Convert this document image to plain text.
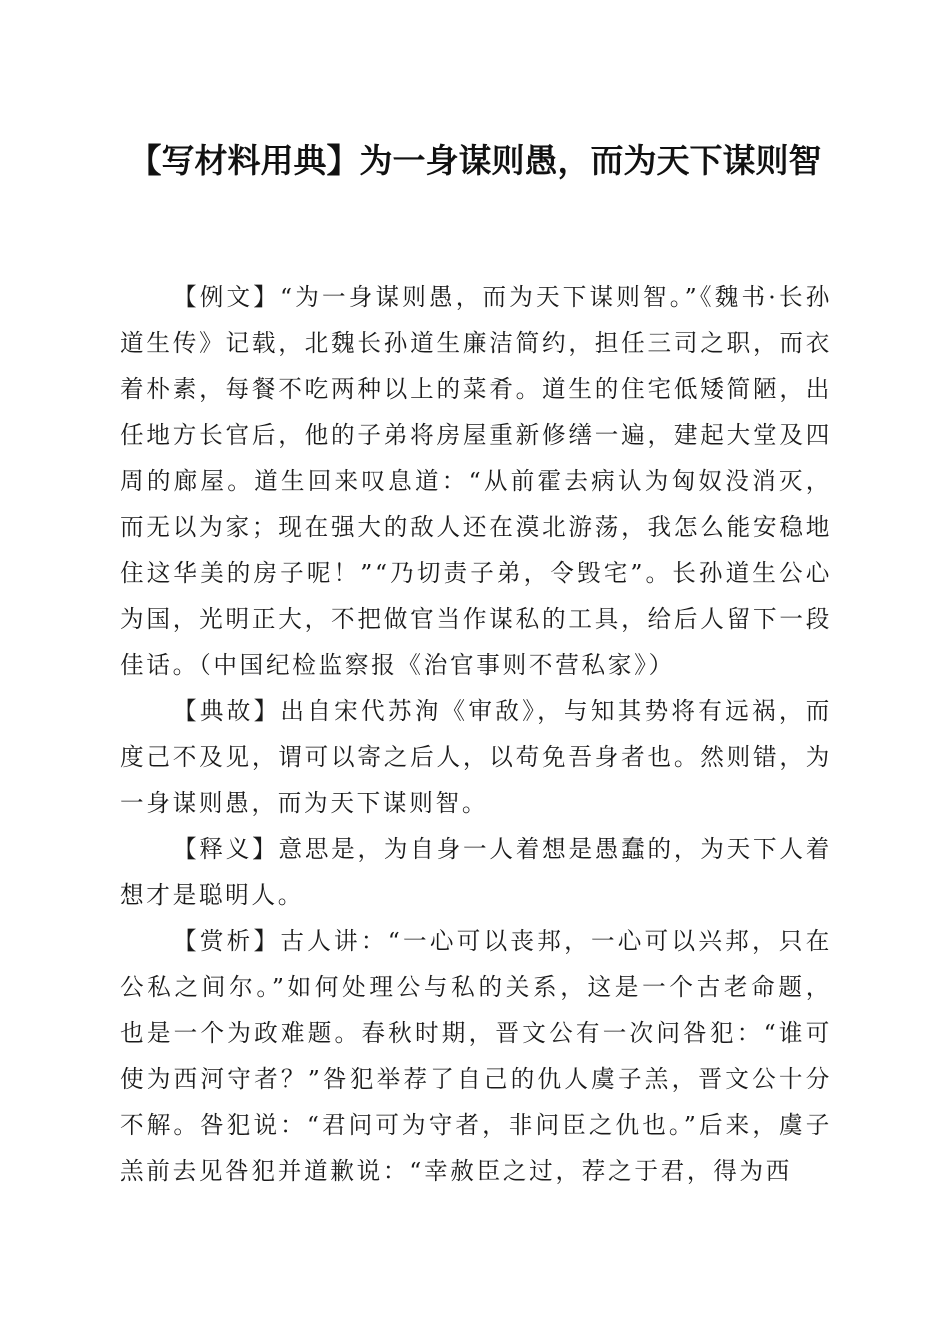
【写材料用典】为一身谋则愚，而为天下谋则智

【例文】“为一身谋则愚，而为天下谋则智。”《魏书·长孙道生传》记载，北魏长孙道生廉洁简约，担任三司之职，而衣着朴素，每餐不吃两种以上的菜肴。道生的住宅低矮简陋，出任地方长官后，他的子弟将房屋重新修缮一遍，建起大堂及四周的廊屋。道生回来叹息道：“从前霍去病认为匈奴没消灭，而无以为家；现在强大的敌人还在漠北游荡，我怎么能安稳地住这华美的房子呢！”“乃切责子弟，令毁宅”。长孙道生公心为国，光明正大，不把做官当作谋私的工具，给后人留下一段佳话。（中国纪检监察报《治官事则不营私家》）

【典故】出自宋代苏洵《审敌》，与知其势将有远祸，而度己不及见，谓可以寄之后人，以苟免吾身者也。然则错，为一身谋则愚，而为天下谋则智。

【释义】意思是，为自身一人着想是愚蠢的，为天下人着想才是聪明人。

【赏析】古人讲：“一心可以丧邦，一心可以兴邦，只在公私之间尔。”如何处理公与私的关系，这是一个古老命题，也是一个为政难题。春秋时期，晋文公有一次问咎犯：“谁可使为西河守者？”咎犯举荐了自己的仇人虞子羔，晋文公十分不解。咎犯说：“君问可为守者，非问臣之仇也。”后来，虞子羔前去见咎犯并道歉说：“幸赦臣之过，荐之于君，得为西
